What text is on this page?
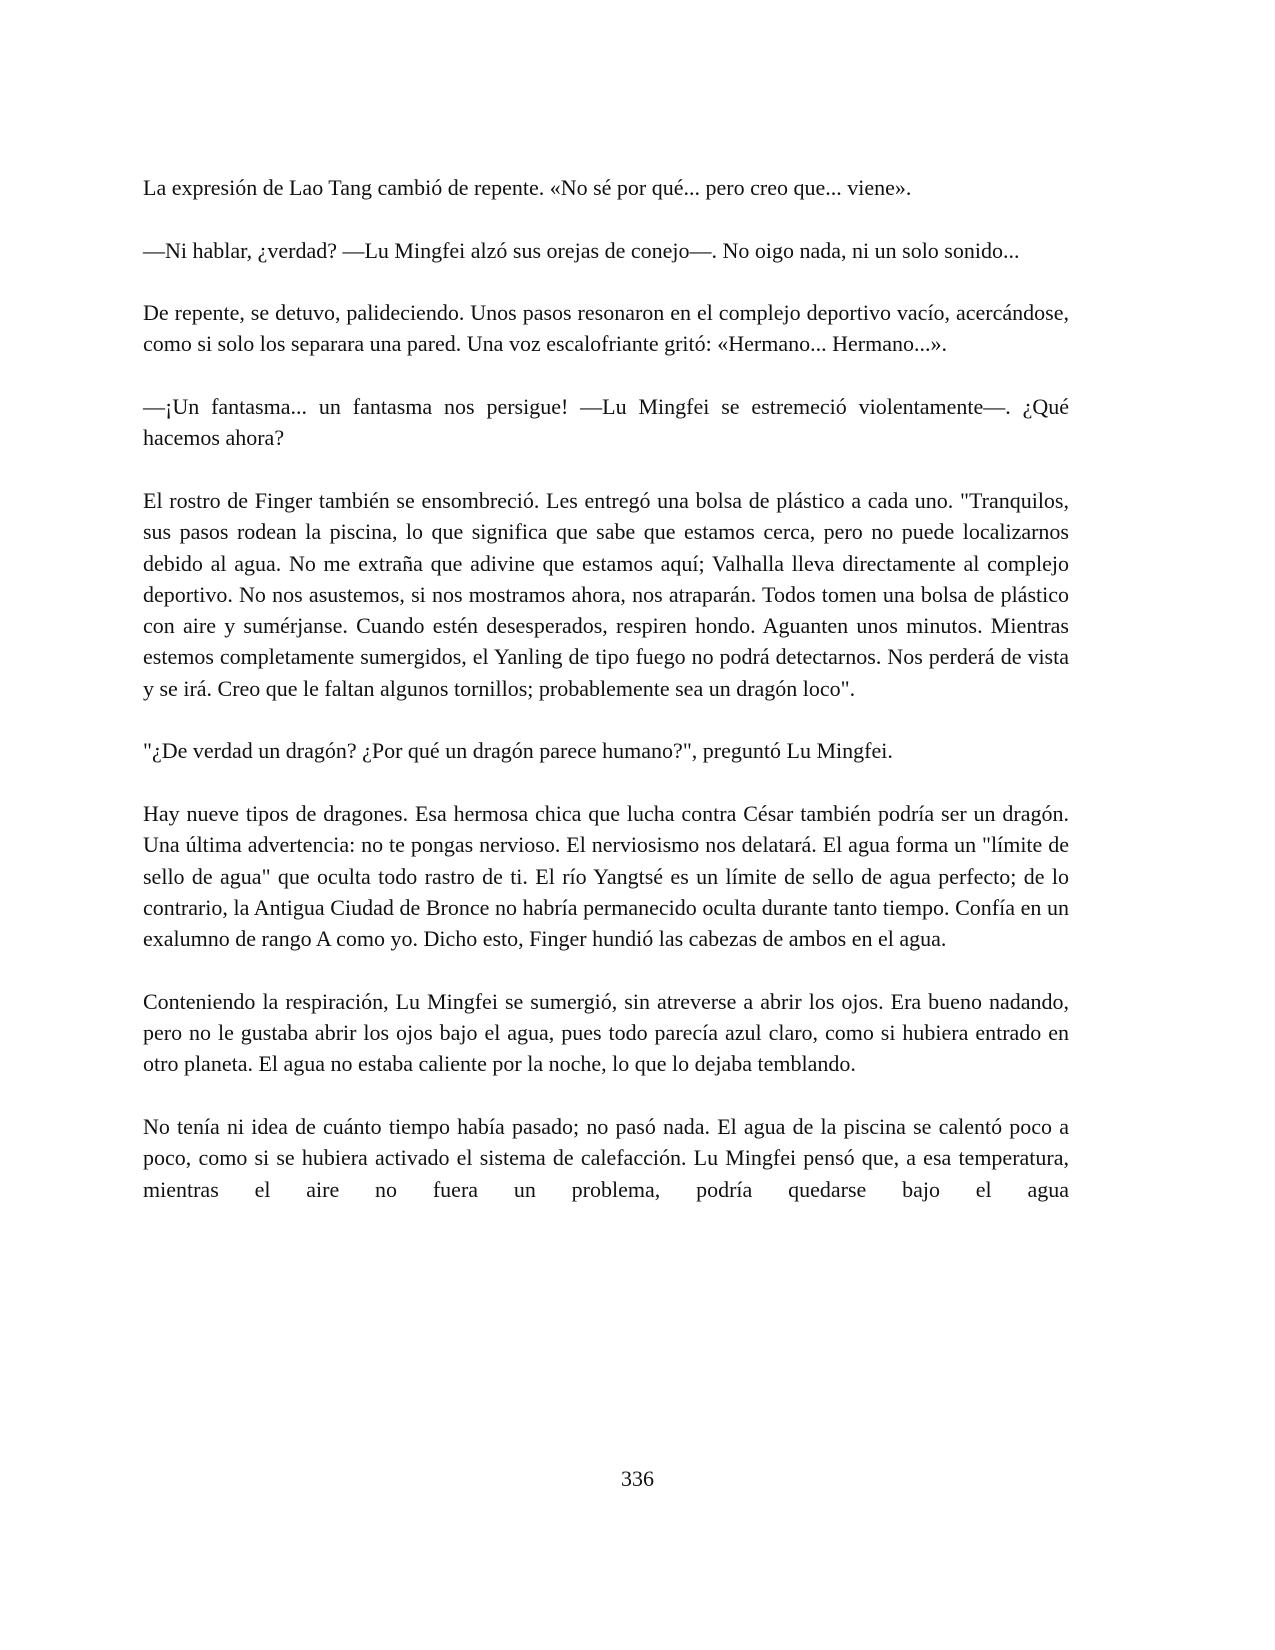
La expresión de Lao Tang cambió de repente. «No sé por qué... pero creo que... viene».

—Ni hablar, ¿verdad? —Lu Mingfei alzó sus orejas de conejo—. No oigo nada, ni un solo sonido...

De repente, se detuvo, palideciendo. Unos pasos resonaron en el complejo deportivo vacío, acercándose, como si solo los separara una pared. Una voz escalofriante gritó: «Hermano... Hermano...».

—¡Un fantasma... un fantasma nos persigue! —Lu Mingfei se estremeció violentamente—. ¿Qué hacemos ahora?

El rostro de Finger también se ensombreció. Les entregó una bolsa de plástico a cada uno. "Tranquilos, sus pasos rodean la piscina, lo que significa que sabe que estamos cerca, pero no puede localizarnos debido al agua. No me extraña que adivine que estamos aquí; Valhalla lleva directamente al complejo deportivo. No nos asustemos, si nos mostramos ahora, nos atraparán. Todos tomen una bolsa de plástico con aire y sumérjanse. Cuando estén desesperados, respiren hondo. Aguanten unos minutos. Mientras estemos completamente sumergidos, el Yanling de tipo fuego no podrá detectarnos. Nos perderá de vista y se irá. Creo que le faltan algunos tornillos; probablemente sea un dragón loco".

"¿De verdad un dragón? ¿Por qué un dragón parece humano?", preguntó Lu Mingfei.

Hay nueve tipos de dragones. Esa hermosa chica que lucha contra César también podría ser un dragón. Una última advertencia: no te pongas nervioso. El nerviosismo nos delatará. El agua forma un "límite de sello de agua" que oculta todo rastro de ti. El río Yangtsé es un límite de sello de agua perfecto; de lo contrario, la Antigua Ciudad de Bronce no habría permanecido oculta durante tanto tiempo. Confía en un exalumno de rango A como yo. Dicho esto, Finger hundió las cabezas de ambos en el agua.

Conteniendo la respiración, Lu Mingfei se sumergió, sin atreverse a abrir los ojos. Era bueno nadando, pero no le gustaba abrir los ojos bajo el agua, pues todo parecía azul claro, como si hubiera entrado en otro planeta. El agua no estaba caliente por la noche, lo que lo dejaba temblando.

No tenía ni idea de cuánto tiempo había pasado; no pasó nada. El agua de la piscina se calentó poco a poco, como si se hubiera activado el sistema de calefacción. Lu Mingfei pensó que, a esa temperatura, mientras el aire no fuera un problema, podría quedarse bajo el agua

336
